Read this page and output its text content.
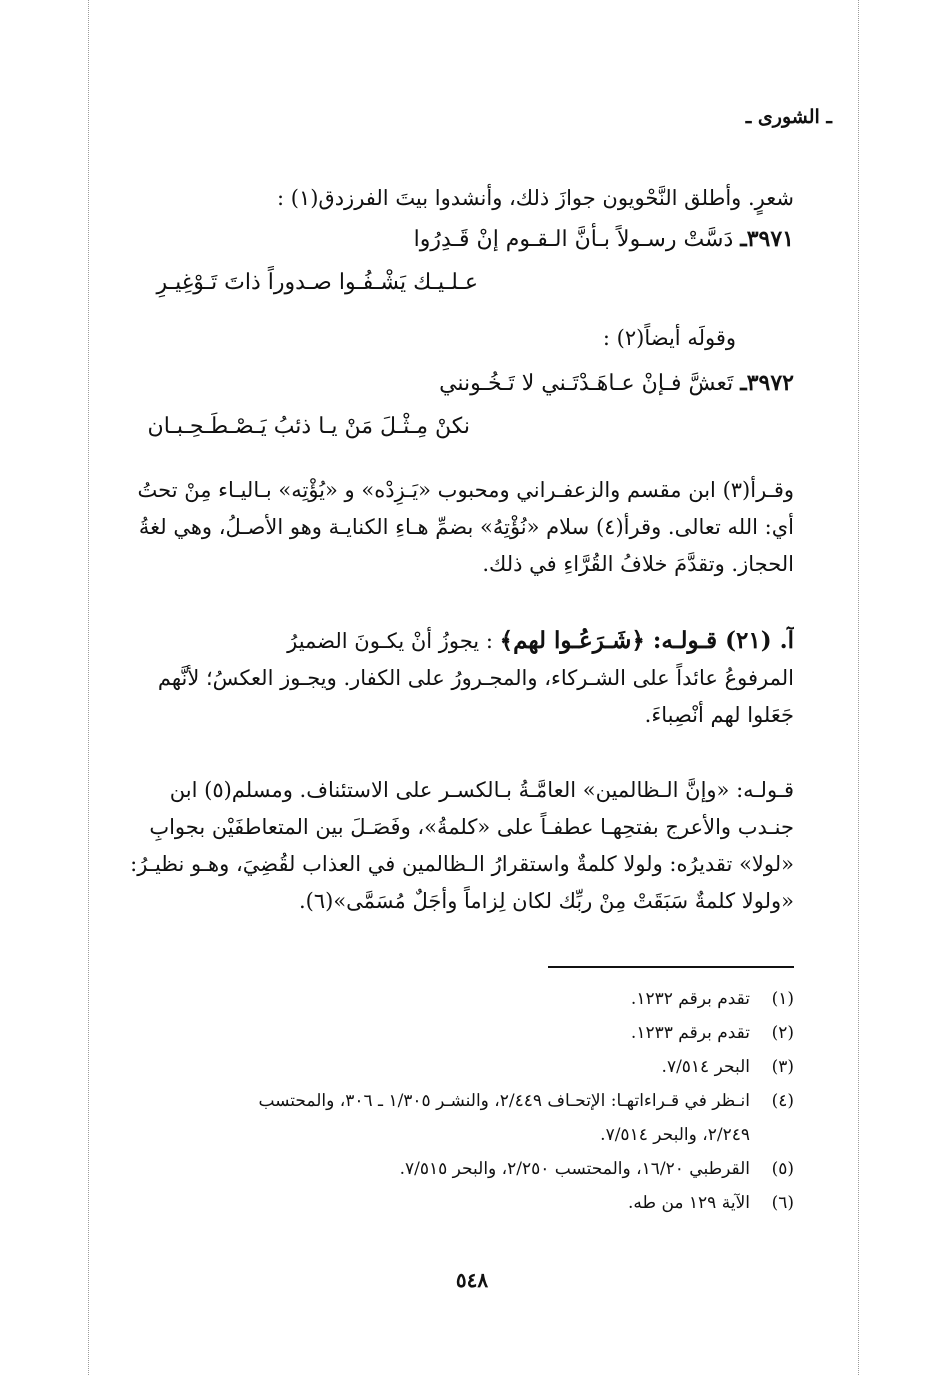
ـ الشورى ـ
شعرٍ. وأطلق النَّحْويون جوازَ ذلك، وأنشدوا بيتَ الفرزدق(١) :
٣٩٧١ـ دَسَّتْ رسـولاً بـأنَّ الـقـوم إنْ قَـدِرُوا
عـلـيـك يَشْـفُـوا صـدوراً ذاتَ تَـوْغِيـرِ
وقولَه أيضاً(٢) :
٣٩٧٢ـ تَعشَّ فـإنْ عـاهَـدْتَـني لا تَـخُـونني
نكنْ مِـثْـلَ مَنْ يـا ذئبُ يَـصْـطَـحِـبـان
وقـرأ(٣) ابن مقسم والزعفـراني ومحبوب «يَـزِدْه» و «يُؤْتِه» بـاليـاء مِنْ تحتُ
أي: الله تعالى. وقرأ(٤) سلام «نُؤْتِهُ» بضمِّ هـاءِ الكنايـة وهو الأصـلُ، وهي لغةُ
الحجاز. وتقدَّمَ خلافُ القُرَّاءِ في ذلك.
آ. (٢١) قـولـه: ﴿شَـرَعُـوا لهم﴾ : يجوزُ أنْ يكـونَ الضميرُ
المرفوعُ عائداً على الشـركاء، والمجـرورُ على الكفار. ويجـوز العكسُ؛ لأنَّهم
جَعَلوا لهم أنْصِباءَ.
قـولـه: «وإنَّ الـظالمين» العامَّـةُ بـالكسـر على الاستئناف. ومسلم(٥) ابن
جنـدب والأعرج بفتحِهـا عطفـاً على «كلمةُ»، وفَصَـلَ بين المتعاطفَيْن بجوابِ
«لولا» تقديرُه: ولولا كلمةٌ واستقرارُ الـظالمين في العذاب لقُضِيَ، وهـو نظيـرُ:
«ولولا كلمةٌ سَبَقَتْ مِنْ ربِّك لكان لِزاماً وأجَلٌ مُسَمَّى»(٦).
(١)تقدم برقم ١٢٣٢.
(٢)تقدم برقم ١٢٣٣.
(٣)البحر ٧/٥١٤.
(٤)انـظر في قـراءاتهـا: الإتحـاف ٢/٤٤٩، والنشـر ١/٣٠٥ ـ ٣٠٦، والمحتسب
٢/٢٤٩، والبحر ٧/٥١٤.
(٥)القرطبي ١٦/٢٠، والمحتسب ٢/٢٥٠، والبحر ٧/٥١٥.
(٦)الآية ١٢٩ من طه.
٥٤٨
